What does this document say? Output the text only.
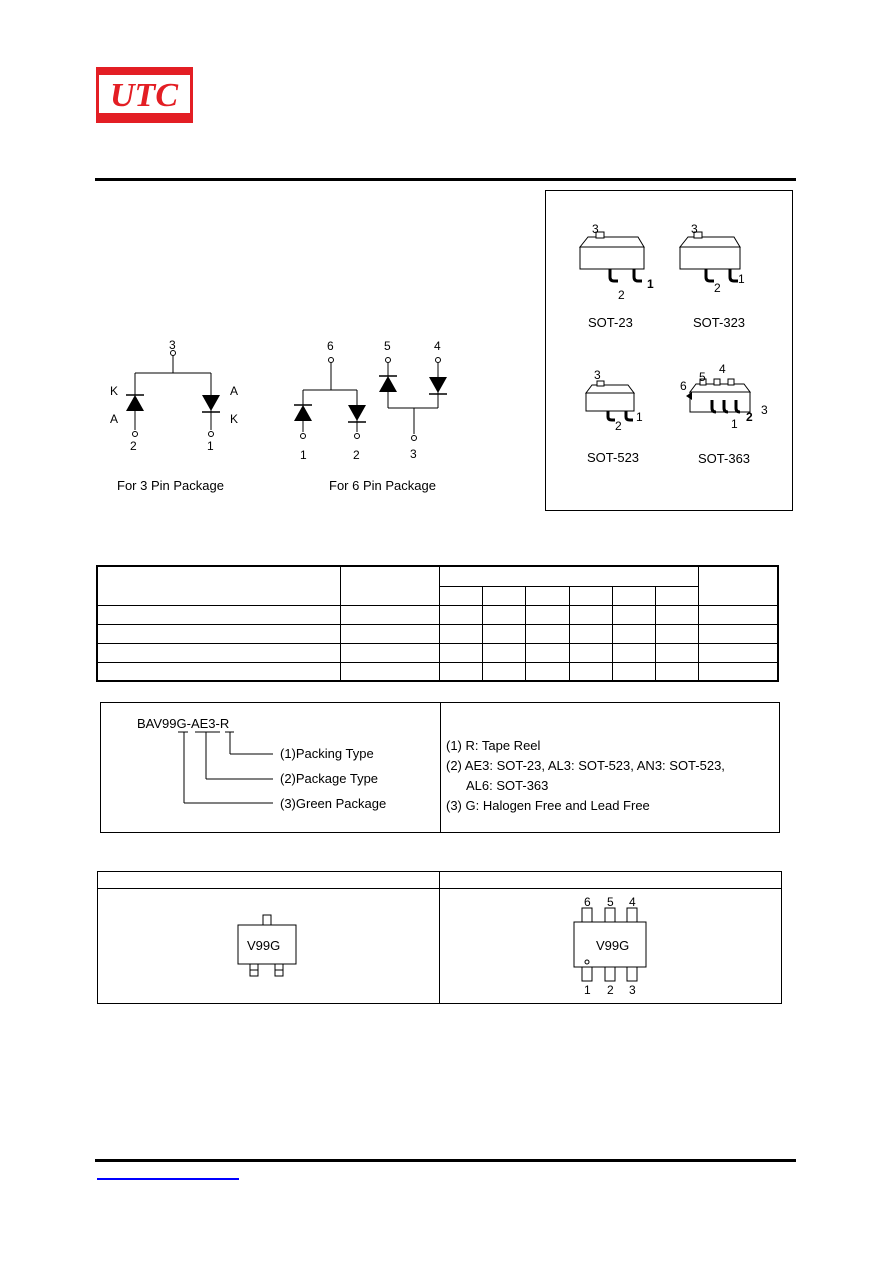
UTC
3
K
A
A
K
2	1
For 3 Pin Package
6	5	4
1	2	3
For 6 Pin Package
3
2
1
SOT-23
3
2
1
SOT-323
3
2
1
SOT-523
6
5
4
1 2 3
SOT-363

BAV99G-AE3-R
(1)Packing Type
(2)Package Type
(3)Green Package
(1) R: Tape Reel
(2) AE3: SOT-23, AL3: SOT-523, AN3: SOT-523,
AL6: SOT-363
(3) G: Halogen Free and Lead Free
V99G
6 5 4
V99G
1 2 3
